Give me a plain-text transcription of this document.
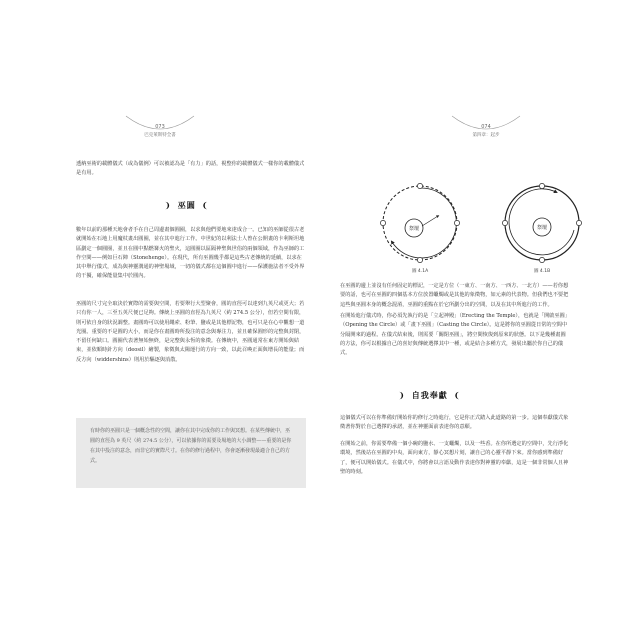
073
巴克萊斯特全書

透納巫術的載體儀式（或為儀例）可以被認為是「有力」的話，視整你的載體儀式一樣你的載體儀式是有用。

❩ 巫圓 ❨

數年以前的那種天地會者手在自己周邊畫個圓圈，以求與他們要地來達成合一。已知的巫師從很古老就開始在石地上用魔杖畫出圓圈，並在其中進行工作。中世紀的以利法士人曾在公開畫的卡利斯坦地區劃定一個圓圈，並且在圓中點燃篝火的聖火，這圓圈以區隔神聖與世俗的兩個領域，作為巫師的工作空間——例如巨石陣（Stonehenge）。在現代，所有巫圓幾乎都是這些古老傳統的延續，以求在其中舉行儀式，成為與神靈溝通的神聖場域，一切的儀式都在這個圓中進行——保護施法者不受外界的干擾，確保能量集中於圓內。

巫圓的尺寸完全取決於實際的需要與空間，若要舉行大型聚會，圓的直徑可以達到九英尺或更大；若只有你一人，三至五英尺便已足夠。傳統上巫圓的直徑為九英尺（約 274.5 公分），但若空間有限，則可依自身的狀況調整。畫圓時可以使用繩索、粉筆、鹽或是其他標記物，也可只是在心中觀想一道光圈。重要的不是圓的大小，而是你在畫圓時所投注的意念與專注力，並且確保圓形的完整與封閉，不留任何缺口。圓圈代表著無始無終，是完整與永恆的象徵。在傳統中，巫圓通常在東方開始與結束，並依順時針方向（deosil）繪製，象徵與太陽運行的方向一致，以此召喚正面與增長的能量；而反方向（widdershins）則用於驅逐與消散。

有時你的巫圓只是一個概念性的空間，讓你在其中完成你的工作與冥想。在某些傳統中，巫圓的直徑為 9 英尺（約 274.5 公分），可以依據你的需要及場地的大小調整——重要的是你在其中投注的意念，而非它的實際尺寸。在你的修行過程中，你會逐漸發現最適合自己的方式。
074
第四章：起步
祭壇
圖 4.1A
祭壇
圖 4.1B

在巫圓的邊上並沒有任何固定的標記，一定是方位（一東方、一南方、一西方、一北方）——若你想要的話，也可在巫圓的四個基本方位放置蠟燭或是其他的象徵物，如元素的代表物。但我們也不要把這些與巫圓本身的概念混淆，巫圓的重點在於它所劃分出的空間，以及在其中所進行的工作。

在開始進行儀式時，你必須先執行的是「立起神殿」（Erecting the Temple），也就是「開啟巫圓」（Opening the Circle）或「畫下巫圓」（Casting the Circle）。這是將你的巫圓從日常的空間中分隔開來的過程。在儀式結束後，則需要「關閉巫圓」，將空間恢復到原來的狀態。以下是幾種畫圓的方法，你可以根據自己的喜好與傳統選擇其中一種，或是結合多種方式，發展出屬於你自己的儀式。

❩ 自我奉獻 ❨

這個儀式可以在你準備好開始你的修行之時進行，它是你正式踏入此道路的第一步。這個奉獻儀式象徵著你對於自己選擇的承諾，並在神靈面前表達你的意願。

在開始之前，你需要準備一個小碗的鹽水、一支蠟燭，以及一些香。在你所選定的空間中，先行淨化環境，然後站在巫圓的中央，面向東方，靜心冥想片刻，讓自己的心靈平靜下來。當你感到準備好了，便可以開始儀式。在儀式中，你將會以言語及動作表達你對神靈的奉獻，這是一個非常個人且神聖的時刻。
